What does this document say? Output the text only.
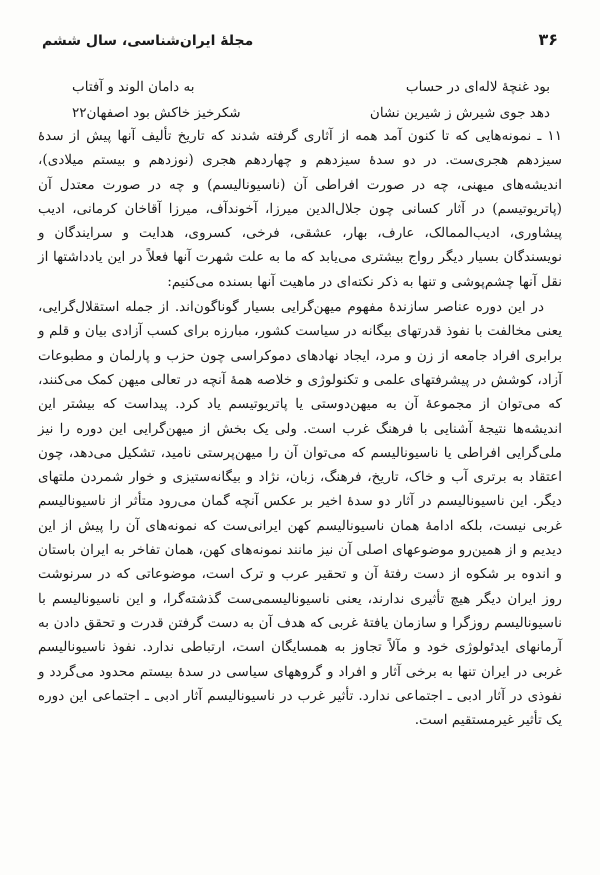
۳۶
مجلهٔ ایران‌شناسی، سال ششم
بود غنچهٔ لاله‌ای در حساب
به دامان الوند و آفتاب
دهد جوی شیرش ز شیرین نشان
شکرخیز خاکش بود اصفهان۲۲

۱۱ ـ نمونه‌هایی که تا کنون آمد همه از آثاری گرفته شدند که تاریخ تألیف آنها پیش از سدهٔ سیزدهم هجری‌ست. در دو سدهٔ سیزدهم و چهاردهم هجری (نوزدهم و بیستم میلادی)، اندیشه‌های میهنی، چه در صورت افراطی آن (ناسیونالیسم) و چه در صورت معتدل آن (پاتریوتیسم) در آثار کسانی چون جلال‌الدین میرزا، آخوندآف، میرزا آقاخان کرمانی، ادیب پیشاوری، ادیب‌الممالک، عارف، بهار، عشقی، فرخی، کسروی، هدایت و سرایندگان و نویسندگان بسیار دیگر رواج بیشتری می‌یابد که ما به علت شهرت آنها فعلاً در این یادداشتها از نقل آنها چشم‌پوشی و تنها به ذکر نکته‌ای در ماهیت آنها بسنده می‌کنیم:

در این دوره عناصر سازندهٔ مفهوم میهن‌گرایی بسیار گوناگون‌اند. از جمله استقلال‌گرایی، یعنی مخالفت با نفوذ قدرتهای بیگانه در سیاست کشور، مبارزه برای کسب آزادی بیان و قلم و برابری افراد جامعه از زن و مرد، ایجاد نهادهای دموکراسی چون حزب و پارلمان و مطبوعات آزاد، کوشش در پیشرفتهای علمی و تکنولوژی و خلاصه همهٔ آنچه در تعالی میهن کمک می‌کنند، که می‌توان از مجموعهٔ آن به میهن‌دوستی یا پاتریوتیسم یاد کرد. پیداست که بیشتر این اندیشه‌ها نتیجهٔ آشنایی با فرهنگ غرب است. ولی یک بخش از میهن‌گرایی این دوره را نیز ملی‌گرایی افراطی یا ناسیونالیسم که می‌توان آن را میهن‌پرستی نامید، تشکیل می‌دهد، چون اعتقاد به برتری آب و خاک، تاریخ، فرهنگ، زبان، نژاد و بیگانه‌ستیزی و خوار شمردن ملتهای دیگر. این ناسیونالیسم در آثار دو سدهٔ اخیر بر عکس آنچه گمان می‌رود متأثر از ناسیونالیسم غربی نیست، بلکه ادامهٔ همان ناسیونالیسم کهن ایرانی‌ست که نمونه‌های آن را پیش از این دیدیم و از همین‌رو موضوعهای اصلی آن نیز مانند نمونه‌های کهن، همان تفاخر به ایران باستان و اندوه بر شکوه از دست رفتهٔ آن و تحقیر عرب و ترک است، موضوعاتی که در سرنوشت روز ایران دیگر هیچ تأثیری ندارند، یعنی ناسیونالیسمی‌ست گذشته‌گرا، و این ناسیونالیسم با ناسیونالیسم روزگرا و سازمان یافتهٔ غربی که هدف آن به دست گرفتن قدرت و تحقق دادن به آرمانهای ایدئولوژی خود و مآلاً تجاوز به همسایگان است، ارتباطی ندارد. نفوذ ناسیونالیسم غربی در ایران تنها به برخی آثار و افراد و گروههای سیاسی در سدهٔ بیستم محدود می‌گردد و نفوذی در آثار ادبی ـ اجتماعی ندارد. تأثیر غرب در ناسیونالیسم آثار ادبی ـ اجتماعی این دوره یک تأثیر غیرمستقیم است.
